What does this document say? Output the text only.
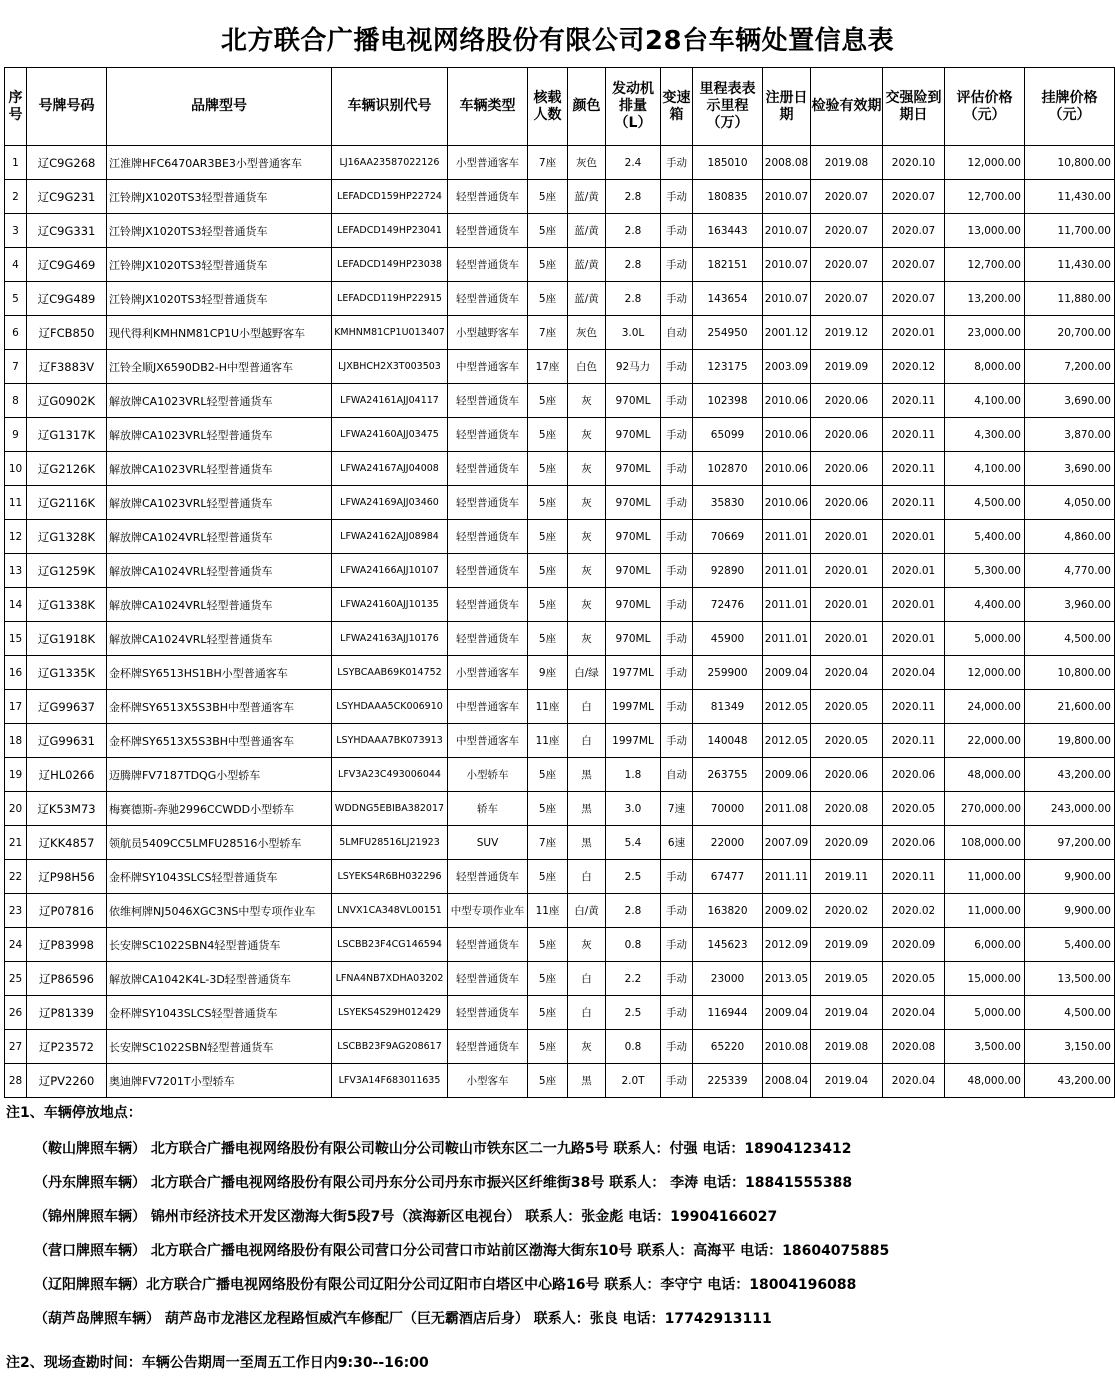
北方联合广播电视网络股份有限公司28台车辆处置信息表
序号	号牌号码	品牌型号	车辆识别代号	车辆类型	核载人数	颜色	发动机排量（L）	变速箱	里程表表示里程（万）	注册日期	检验有效期	交强险到期日	评估价格（元）	挂牌价格（元）
1	辽C9G268	江淮牌HFC6470AR3BE3小型普通客车	LJ16AA23587022126	小型普通客车	7座	灰色	2.4	手动	185010	2008.08	2019.08	2020.10	12,000.00	10,800.00
2	辽C9G231	江铃牌JX1020TS3轻型普通货车	LEFADCD159HP22724	轻型普通货车	5座	蓝/黄	2.8	手动	180835	2010.07	2020.07	2020.07	12,700.00	11,430.00
3	辽C9G331	江铃牌JX1020TS3轻型普通货车	LEFADCD149HP23041	轻型普通货车	5座	蓝/黄	2.8	手动	163443	2010.07	2020.07	2020.07	13,000.00	11,700.00
4	辽C9G469	江铃牌JX1020TS3轻型普通货车	LEFADCD149HP23038	轻型普通货车	5座	蓝/黄	2.8	手动	182151	2010.07	2020.07	2020.07	12,700.00	11,430.00
5	辽C9G489	江铃牌JX1020TS3轻型普通货车	LEFADCD119HP22915	轻型普通货车	5座	蓝/黄	2.8	手动	143654	2010.07	2020.07	2020.07	13,200.00	11,880.00
6	辽FCB850	现代得利KMHNM81CP1U小型越野客车	KMHNM81CP1U013407	小型越野客车	7座	灰色	3.0L	自动	254950	2001.12	2019.12	2020.01	23,000.00	20,700.00
7	辽F3883V	江铃全顺JX6590DB2-H中型普通客车	LJXBHCH2X3T003503	中型普通客车	17座	白色	92马力	手动	123175	2003.09	2019.09	2020.12	8,000.00	7,200.00
8	辽G0902K	解放牌CA1023VRL轻型普通货车	LFWA24161AJJ04117	轻型普通货车	5座	灰	970ML	手动	102398	2010.06	2020.06	2020.11	4,100.00	3,690.00
9	辽G1317K	解放牌CA1023VRL轻型普通货车	LFWA24160AJJ03475	轻型普通货车	5座	灰	970ML	手动	65099	2010.06	2020.06	2020.11	4,300.00	3,870.00
10	辽G2126K	解放牌CA1023VRL轻型普通货车	LFWA24167AJJ04008	轻型普通货车	5座	灰	970ML	手动	102870	2010.06	2020.06	2020.11	4,100.00	3,690.00
11	辽G2116K	解放牌CA1023VRL轻型普通货车	LFWA24169AJJ03460	轻型普通货车	5座	灰	970ML	手动	35830	2010.06	2020.06	2020.11	4,500.00	4,050.00
12	辽G1328K	解放牌CA1024VRL轻型普通货车	LFWA24162AJJ08984	轻型普通货车	5座	灰	970ML	手动	70669	2011.01	2020.01	2020.01	5,400.00	4,860.00
13	辽G1259K	解放牌CA1024VRL轻型普通货车	LFWA24166AJJ10107	轻型普通货车	5座	灰	970ML	手动	92890	2011.01	2020.01	2020.01	5,300.00	4,770.00
14	辽G1338K	解放牌CA1024VRL轻型普通货车	LFWA24160AJJ10135	轻型普通货车	5座	灰	970ML	手动	72476	2011.01	2020.01	2020.01	4,400.00	3,960.00
15	辽G1918K	解放牌CA1024VRL轻型普通货车	LFWA24163AJJ10176	轻型普通货车	5座	灰	970ML	手动	45900	2011.01	2020.01	2020.01	5,000.00	4,500.00
16	辽G1335K	金杯牌SY6513HS1BH小型普通客车	LSYBCAAB69K014752	小型普通客车	9座	白/绿	1977ML	手动	259900	2009.04	2020.04	2020.04	12,000.00	10,800.00
17	辽G99637	金杯牌SY6513X5S3BH中型普通客车	LSYHDAAA5CK006910	中型普通客车	11座	白	1997ML	手动	81349	2012.05	2020.05	2020.11	24,000.00	21,600.00
18	辽G99631	金杯牌SY6513X5S3BH中型普通客车	LSYHDAAA7BK073913	中型普通客车	11座	白	1997ML	手动	140048	2012.05	2020.05	2020.11	22,000.00	19,800.00
19	辽HL0266	迈腾牌FV7187TDQG小型轿车	LFV3A23C493006044	小型轿车	5座	黑	1.8	自动	263755	2009.06	2020.06	2020.06	48,000.00	43,200.00
20	辽K53M73	梅赛德斯-奔驰2996CCWDD小型轿车	WDDNG5EBIBA382017	轿车	5座	黑	3.0	7速	70000	2011.08	2020.08	2020.05	270,000.00	243,000.00
21	辽KK4857	领航员5409CC5LMFU28516小型轿车	5LMFU28516LJ21923	SUV	7座	黑	5.4	6速	22000	2007.09	2020.09	2020.06	108,000.00	97,200.00
22	辽P98H56	金杯牌SY1043SLCS轻型普通货车	LSYEKS4R6BH032296	轻型普通货车	5座	白	2.5	手动	67477	2011.11	2019.11	2020.11	11,000.00	9,900.00
23	辽P07816	依维柯牌NJ5046XGC3NS中型专项作业车	LNVX1CA348VL00151	中型专项作业车	11座	白/黄	2.8	手动	163820	2009.02	2020.02	2020.02	11,000.00	9,900.00
24	辽P83998	长安牌SC1022SBN4轻型普通货车	LSCBB23F4CG146594	轻型普通货车	5座	灰	0.8	手动	145623	2012.09	2019.09	2020.09	6,000.00	5,400.00
25	辽P86596	解放牌CA1042K4L-3D轻型普通货车	LFNA4NB7XDHA03202	轻型普通货车	5座	白	2.2	手动	23000	2013.05	2019.05	2020.05	15,000.00	13,500.00
26	辽P81339	金杯牌SY1043SLCS轻型普通货车	LSYEKS4S29H012429	轻型普通货车	5座	白	2.5	手动	116944	2009.04	2019.04	2020.04	5,000.00	4,500.00
27	辽P23572	长安牌SC1022SBN轻型普通货车	LSCBB23F9AG208617	轻型普通货车	5座	灰	0.8	手动	65220	2010.08	2019.08	2020.08	3,500.00	3,150.00
28	辽PV2260	奥迪牌FV7201T小型轿车	LFV3A14F683011635	小型客车	5座	黑	2.0T	手动	225339	2008.04	2019.04	2020.04	48,000.00	43,200.00
注1、车辆停放地点：
（鞍山牌照车辆） 北方联合广播电视网络股份有限公司鞍山分公司鞍山市铁东区二一九路5号 联系人：付强 电话：18904123412
（丹东牌照车辆） 北方联合广播电视网络股份有限公司丹东分公司丹东市振兴区纤维街38号 联系人： 李涛 电话：18841555388
（锦州牌照车辆） 锦州市经济技术开发区渤海大街5段7号（滨海新区电视台） 联系人：张金彪 电话：19904166027
（营口牌照车辆） 北方联合广播电视网络股份有限公司营口分公司营口市站前区渤海大街东10号 联系人：高海平 电话：18604075885
（辽阳牌照车辆）北方联合广播电视网络股份有限公司辽阳分公司辽阳市白塔区中心路16号 联系人：李守宁 电话：18004196088
（葫芦岛牌照车辆） 葫芦岛市龙港区龙程路恒威汽车修配厂（巨无霸酒店后身） 联系人：张良 电话：17742913111
注2、现场查勘时间：车辆公告期周一至周五工作日内9:30--16:00
